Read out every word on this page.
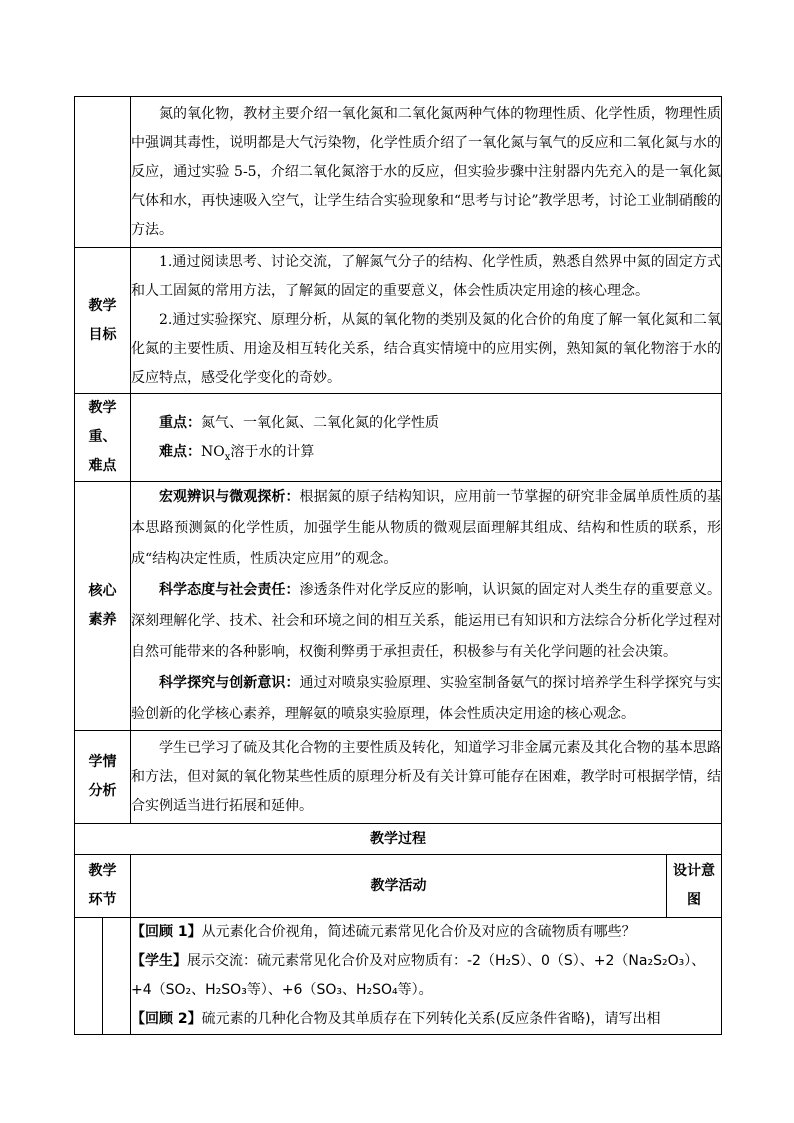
		氮的氧化物，教材主要介绍一氧化氮和二氧化氮两种气体的物理性质、化学性质，物理性质中强调其毒性，说明都是大气污染物，化学性质介绍了一氧化氮与氧气的反应和二氧化氮与水的反应，通过实验 5-5，介绍二氧化氮溶于水的反应，但实验步骤中注射器内先充入的是一氧化氮气体和水，再快速吸入空气，让学生结合实验现象和“思考与讨论”教学思考，讨论工业制硝酸的方法。	

教学目标		1.通过阅读思考、讨论交流，了解氮气分子的结构、化学性质，熟悉自然界中氮的固定方式和人工固氮的常用方法，了解氮的固定的重要意义，体会性质决定用途的核心理念。

2.通过实验探究、原理分析，从氮的氧化物的类别及氮的化合价的角度了解一氧化氮和二氧化氮的主要性质、用途及相互转化关系，结合真实情境中的应用实例，熟知氮的氧化物溶于水的反应特点，感受化学变化的奇妙。	

教学重、难点		重点：氮气、一氧化氮、二氧化氮的化学性质

难点：$NO_x$溶于水的计算	

核心素养		宏观辨识与微观探析：根据氮的原子结构知识，应用前一节掌握的研究非金属单质性质的基本思路预测氮的化学性质，加强学生能从物质的微观层面理解其组成、结构和性质的联系，形成“结构决定性质，性质决定应用”的观念。

科学态度与社会责任：渗透条件对化学反应的影响，认识氮的固定对人类生存的重要意义。深刻理解化学、技术、社会和环境之间的相互关系，能运用已有知识和方法综合分析化学过程对自然可能带来的各种影响，权衡利弊勇于承担责任，积极参与有关化学问题的社会决策。

科学探究与创新意识：通过对喷泉实验原理、实验室制备氨气的探讨培养学生科学探究与实验创新的化学核心素养，理解氨的喷泉实验原理，体会性质决定用途的核心观念。	

学情分析		学生已学习了硫及其化合物的主要性质及转化，知道学习非金属元素及其化合物的基本思路和方法，但对氮的氧化物某些性质的原理分析及有关计算可能存在困难，教学时可根据学情，结合实例适当进行拓展和延伸。	

教学过程			

教学环节		教学活动	设计意图

		【回顾 1】从元素化合价视角，简述硫元素常见化合价及对应的含硫物质有哪些？

【学生】展示交流：硫元素常见化合价及对应物质有：-2（H₂S）、0（S）、+2（Na₂S₂O₃）、+4（SO₂、H₂SO₃等）、+6（SO₃、H₂SO₄等）。

【回顾 2】硫元素的几种化合物及其单质存在下列转化关系(反应条件省略)，请写出相	
